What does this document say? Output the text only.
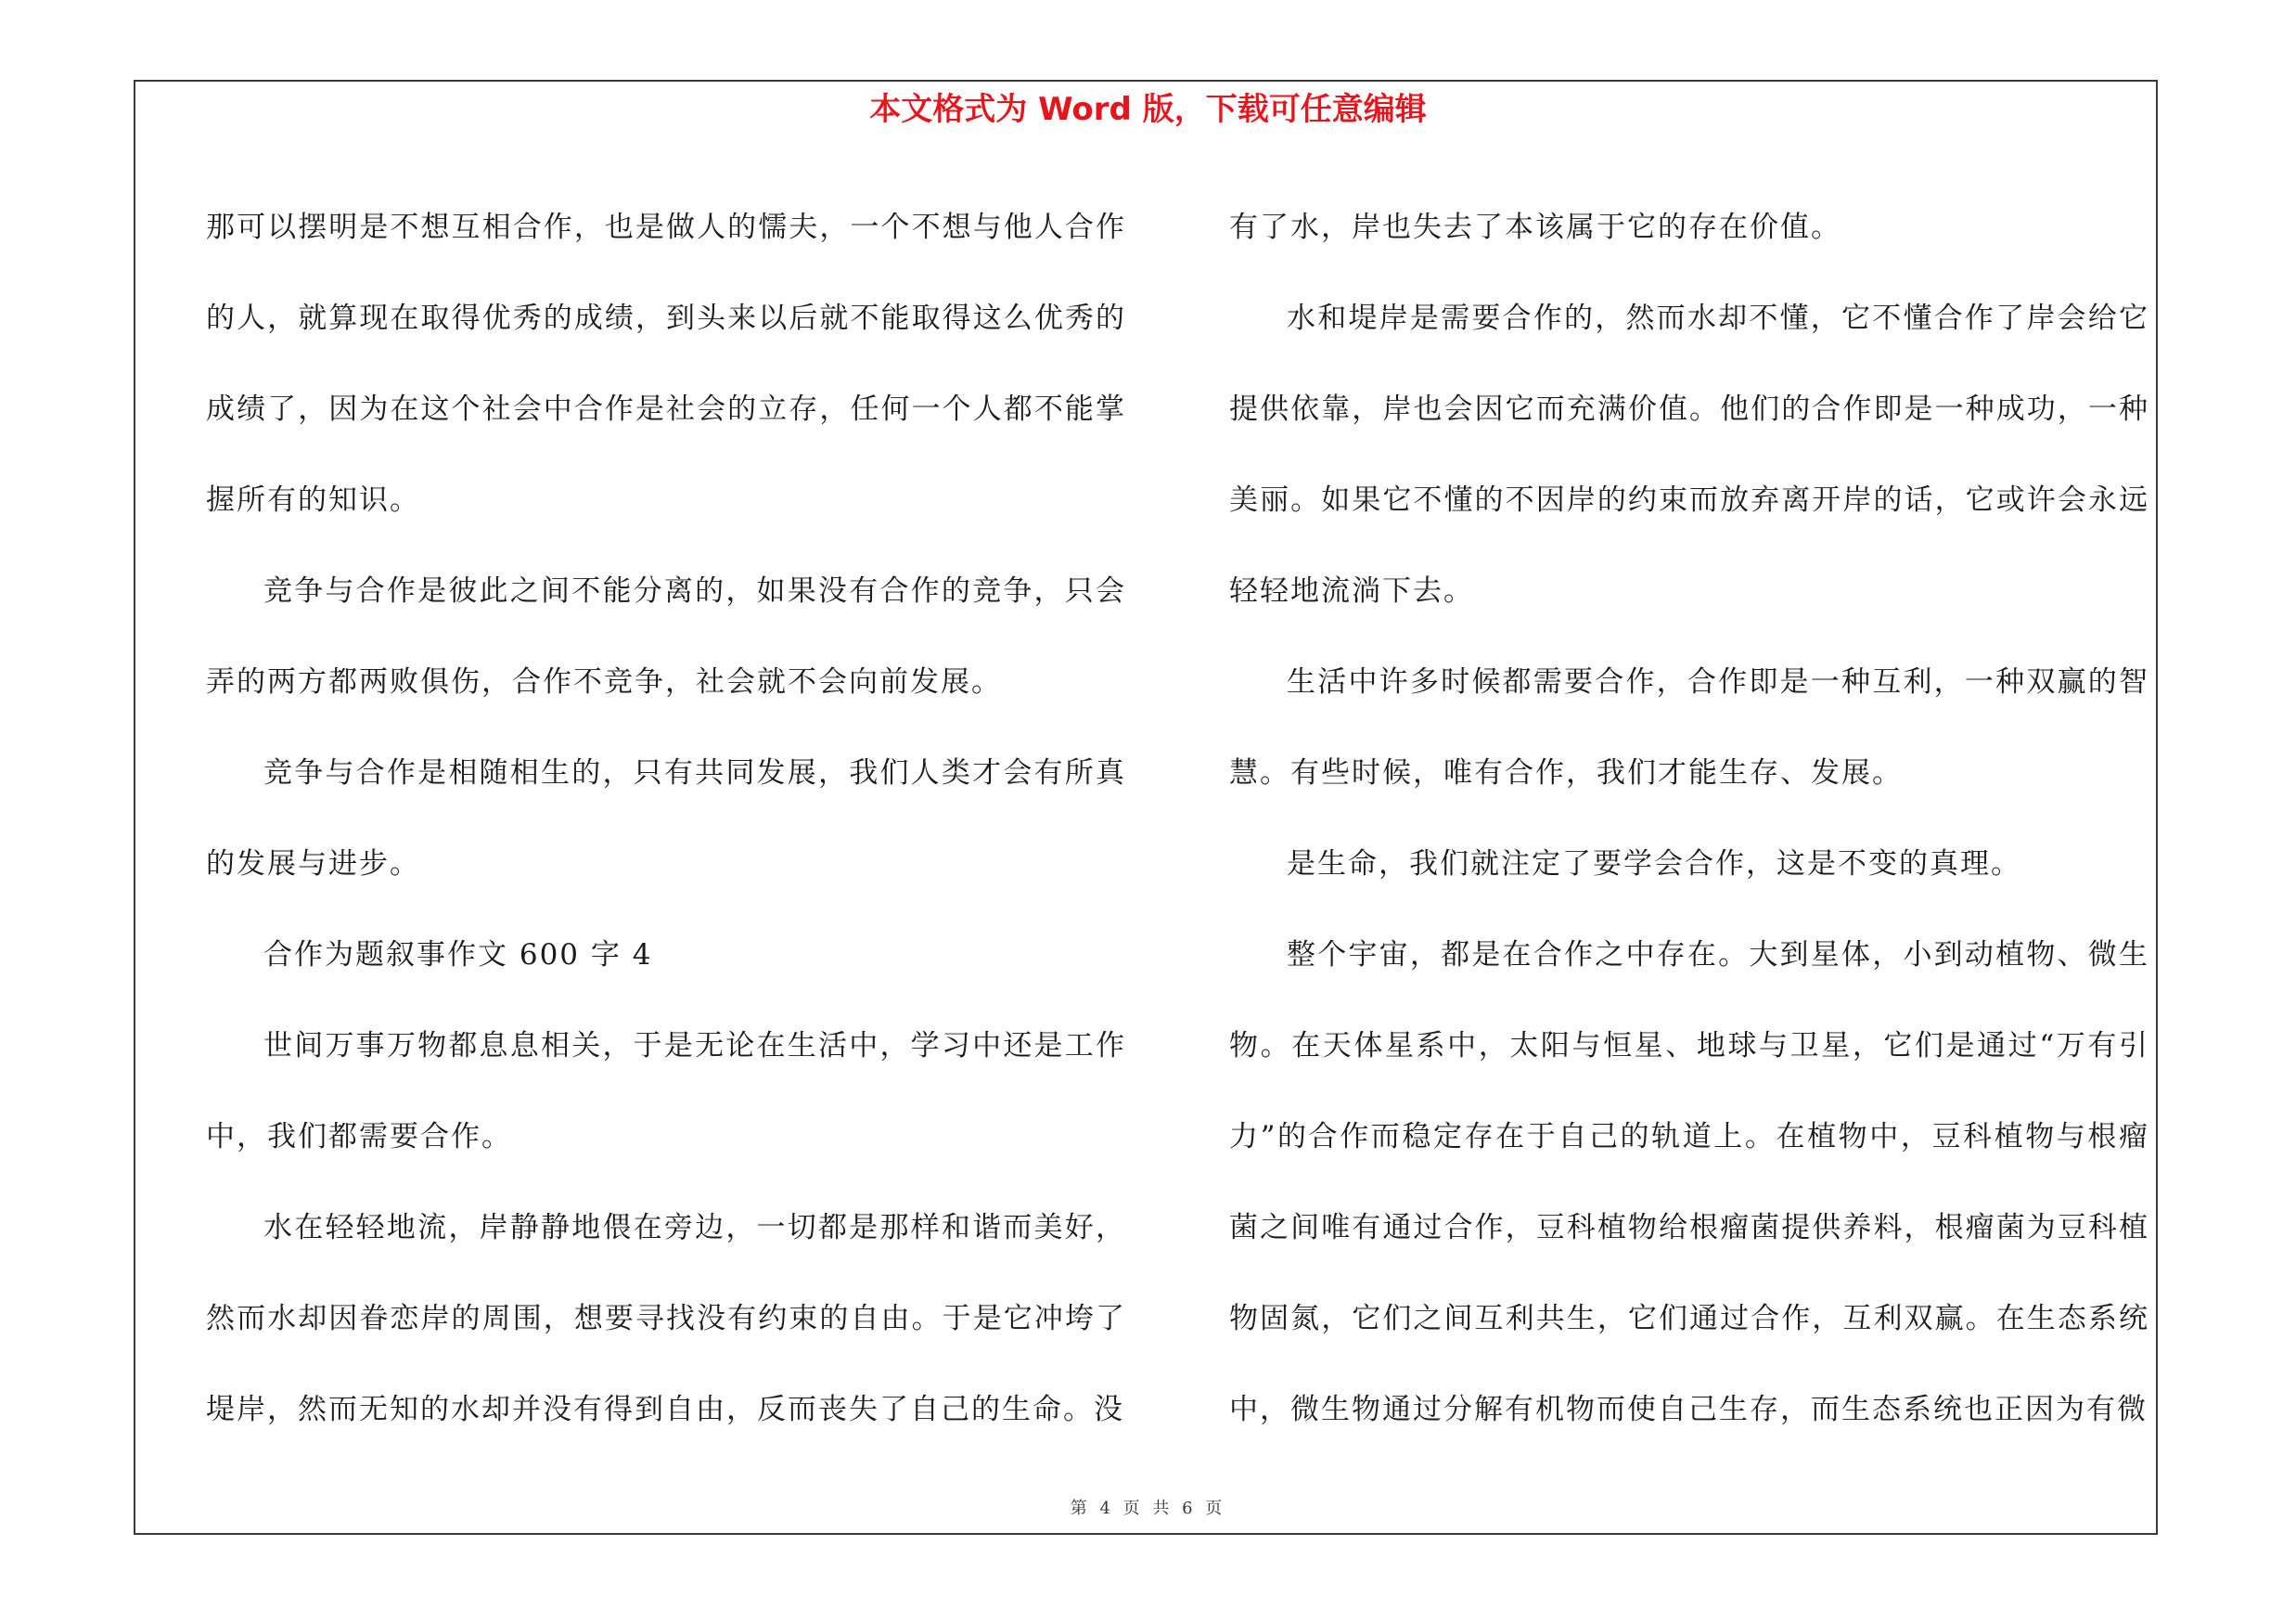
本文格式为 Word 版，下载可任意编辑

那可以摆明是不想互相合作，也是做人的懦夫，一个不想与他人合作的人，就算现在取得优秀的成绩，到头来以后就不能取得这么优秀的成绩了，因为在这个社会中合作是社会的立存，任何一个人都不能掌握所有的知识。

竞争与合作是彼此之间不能分离的，如果没有合作的竞争，只会弄的两方都两败俱伤，合作不竞争，社会就不会向前发展。

竞争与合作是相随相生的，只有共同发展，我们人类才会有所真的发展与进步。

合作为题叙事作文 600 字 4

世间万事万物都息息相关，于是无论在生活中，学习中还是工作中，我们都需要合作。

水在轻轻地流，岸静静地偎在旁边，一切都是那样和谐而美好，然而水却因眷恋岸的周围，想要寻找没有约束的自由。于是它冲垮了堤岸，然而无知的水却并没有得到自由，反而丧失了自己的生命。没

有了水，岸也失去了本该属于它的存在价值。

水和堤岸是需要合作的，然而水却不懂，它不懂合作了岸会给它提供依靠，岸也会因它而充满价值。他们的合作即是一种成功，一种美丽。如果它不懂的不因岸的约束而放弃离开岸的话，它或许会永远轻轻地流淌下去。

生活中许多时候都需要合作，合作即是一种互利，一种双赢的智慧。有些时候，唯有合作，我们才能生存、发展。

是生命，我们就注定了要学会合作，这是不变的真理。

整个宇宙，都是在合作之中存在。大到星体，小到动植物、微生物。在天体星系中，太阳与恒星、地球与卫星，它们是通过“万有引力”的合作而稳定存在于自己的轨道上。在植物中，豆科植物与根瘤菌之间唯有通过合作，豆科植物给根瘤菌提供养料，根瘤菌为豆科植物固氮，它们之间互利共生，它们通过合作，互利双赢。在生态系统中，微生物通过分解有机物而使自己生存，而生态系统也正因为有微

第 4 页 共 6 页
